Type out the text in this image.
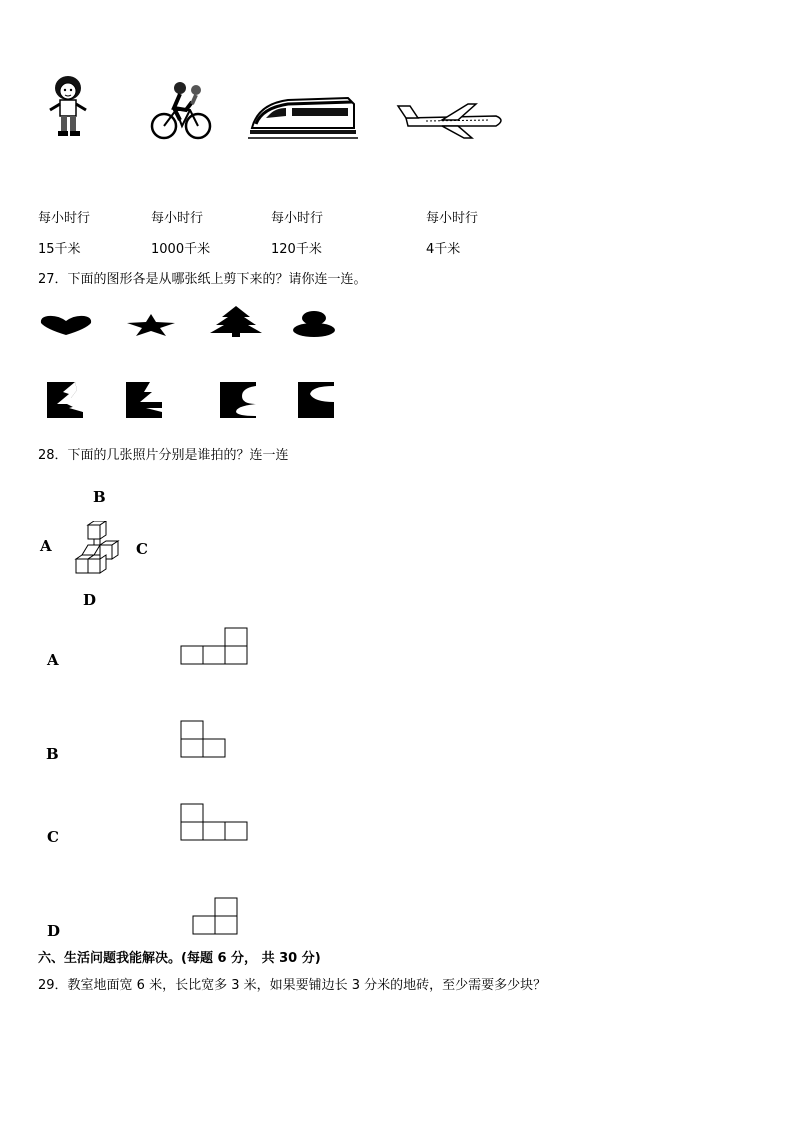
每小时行	每小时行	每小时行	每小时行
15千米	1000千米	120千米	4千米
27．下面的图形各是从哪张纸上剪下来的？请你连一连。
28．下面的几张照片分别是谁拍的？连一连
B
A	C
D
A
B
C
D
六、生活问题我能解决。(每题 6 分， 共 30 分)
29．教室地面宽 6 米，长比宽多 3 米，如果要铺边长 3 分米的地砖，至少需要多少块？
